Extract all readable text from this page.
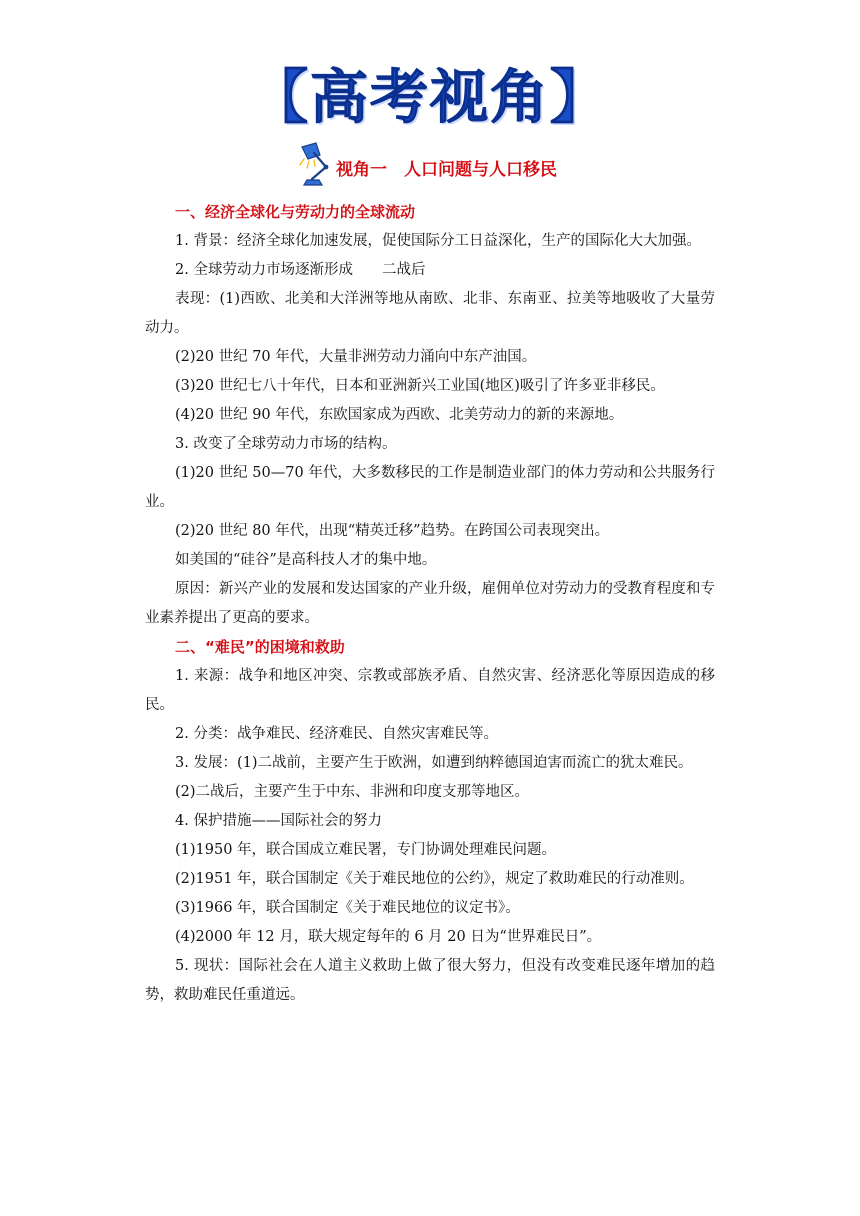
【高考视角】
视角一　人口问题与人口移民
一、经济全球化与劳动力的全球流动

1. 背景：经济全球化加速发展，促使国际分工日益深化，生产的国际化大大加强。

2. 全球劳动力市场逐渐形成　　二战后

表现：(1)西欧、北美和大洋洲等地从南欧、北非、东南亚、拉美等地吸收了大量劳动力。

(2)20 世纪 70 年代，大量非洲劳动力涌向中东产油国。

(3)20 世纪七八十年代，日本和亚洲新兴工业国(地区)吸引了许多亚非移民。

(4)20 世纪 90 年代，东欧国家成为西欧、北美劳动力的新的来源地。

3. 改变了全球劳动力市场的结构。

(1)20 世纪 50—70 年代，大多数移民的工作是制造业部门的体力劳动和公共服务行业。

(2)20 世纪 80 年代，出现“精英迁移”趋势。在跨国公司表现突出。

如美国的“硅谷”是高科技人才的集中地。

原因：新兴产业的发展和发达国家的产业升级，雇佣单位对劳动力的受教育程度和专业素养提出了更高的要求。

二、“难民”的困境和救助

1. 来源：战争和地区冲突、宗教或部族矛盾、自然灾害、经济恶化等原因造成的移民。

2. 分类：战争难民、经济难民、自然灾害难民等。

3. 发展：(1)二战前，主要产生于欧洲，如遭到纳粹德国迫害而流亡的犹太难民。

(2)二战后，主要产生于中东、非洲和印度支那等地区。

4. 保护措施——国际社会的努力

(1)1950 年，联合国成立难民署，专门协调处理难民问题。

(2)1951 年，联合国制定《关于难民地位的公约》，规定了救助难民的行动准则。

(3)1966 年，联合国制定《关于难民地位的议定书》。

(4)2000 年 12 月，联大规定每年的 6 月 20 日为“世界难民日”。

5. 现状：国际社会在人道主义救助上做了很大努力，但没有改变难民逐年增加的趋势，救助难民任重道远。
